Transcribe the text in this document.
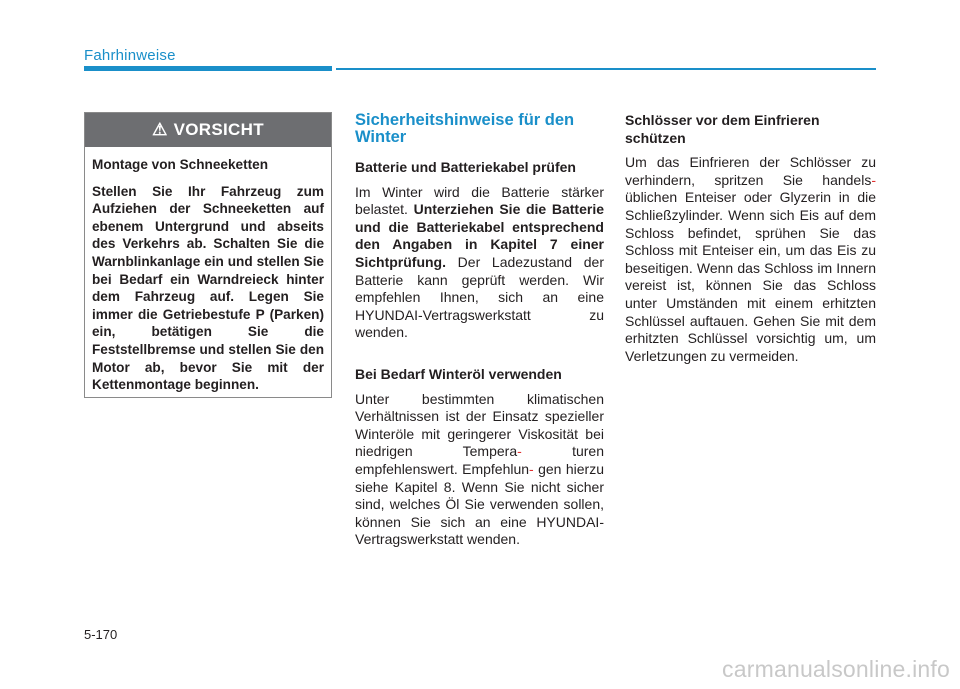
Fahrhinweise
⚠ VORSICHT

Montage von Schneeketten

Stellen Sie Ihr Fahrzeug zum Aufziehen der Schneeketten auf ebenem Untergrund und abseits des Verkehrs ab. Schalten Sie die Warnblinkanlage ein und stellen Sie bei Bedarf ein Warndreieck hinter dem Fahrzeug auf. Legen Sie immer die Getriebestufe P (Parken) ein, betätigen Sie die Feststellbremse und stellen Sie den Motor ab, bevor Sie mit der Kettenmontage beginnen.

Sicherheitshinweise für den Winter
Batterie und Batteriekabel prüfen

Im Winter wird die Batterie stärker belastet. Unterziehen Sie die Batterie und die Batteriekabel entsprechend den Angaben in Kapitel 7 einer Sichtprüfung. Der Ladezustand der Batterie kann geprüft werden. Wir empfehlen Ihnen, sich an eine HYUNDAI-Vertragswerkstatt zu wenden.

Bei Bedarf Winteröl verwenden

Unter bestimmten klimatischen Verhältnissen ist der Einsatz spezieller Winteröle mit geringerer Viskosität bei niedrigen Tempera-	turen empfehlenswert. Empfehlun- gen hierzu siehe Kapitel 8. Wenn Sie nicht sicher sind, welches Öl Sie verwenden sollen, können Sie sich an eine HYUNDAI-Vertragswerkstatt wenden.

Schlösser vor dem Einfrieren schützen

Um das Einfrieren der Schlösser zu verhindern, spritzen Sie handels- üblichen Enteiser oder Glyzerin in die Schließzylinder. Wenn sich Eis auf dem Schloss befindet, sprühen Sie das Schloss mit Enteiser ein, um das Eis zu beseitigen. Wenn das Schloss im Innern vereist ist, können Sie das Schloss unter Umständen mit einem erhitzten Schlüssel auftauen. Gehen Sie mit dem erhitzten Schlüssel vorsichtig um, um Verletzungen zu vermeiden.

5-170
carmanualsonline.info
